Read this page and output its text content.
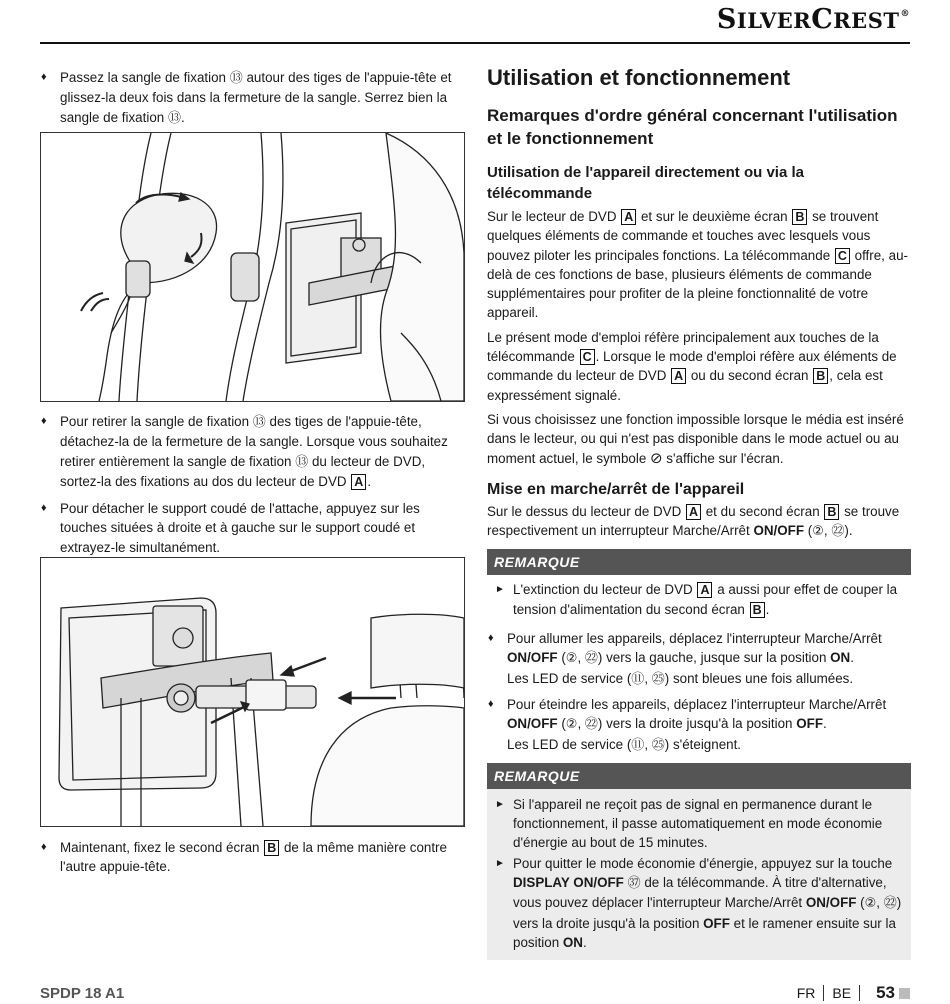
SILVERCREST®

♦ Passez la sangle de fixation ⑬ autour des tiges de l'appuie-tête et glissez-la deux fois dans la fermeture de la sangle. Serrez bien la sangle de fixation ⑬.

♦ Pour retirer la sangle de fixation ⑬ des tiges de l'appuie-tête, détachez-la de la fermeture de la sangle. Lorsque vous souhaitez retirer entièrement la sangle de fixation ⑬ du lecteur de DVD, sortez-la des fixations au dos du lecteur de DVD A .

♦ Pour détacher le support coudé de l'attache, appuyez sur les touches situées à droite et à gauche sur le support coudé et extrayez-le simultanément.

♦ Maintenant, fixez le second écran B de la même manière contre l'autre appuie-tête.

Utilisation et fonctionnement
Remarques d'ordre général concernant l'utilisation et le fonctionnement
Utilisation de l'appareil directement ou via la télécommande

Sur le lecteur de DVD A et sur le deuxième écran B se trouvent quelques éléments de commande et touches avec lesquels vous pouvez piloter les principales fonctions. La télécommande C offre, au-delà de ces fonctions de base, plusieurs éléments de commande supplémentaires pour profiter de la pleine fonctionnalité de votre appareil.

Le présent mode d'emploi réfère principalement aux touches de la télécommande C . Lorsque le mode d'emploi réfère aux éléments de commande du lecteur de DVD A ou du second écran B , cela est expressément signalé.

Si vous choisissez une fonction impossible lorsque le média est inséré dans le lecteur, ou qui n'est pas disponible dans le mode actuel ou au moment actuel, le symbole ⊘ s'affiche sur l'écran.

Mise en marche/arrêt de l'appareil

Sur le dessus du lecteur de DVD A et du second écran B se trouve respectivement un interrupteur Marche/Arrêt ON/OFF (②, ㉒).

REMARQUE

► L'extinction du lecteur de DVD A a aussi pour effet de couper la tension d'alimentation du second écran B .

♦ Pour allumer les appareils, déplacez l'interrupteur Marche/Arrêt ON/OFF (②, ㉒) vers la gauche, jusque sur la position ON.
Les LED de service (⑪, ㉕) sont bleues une fois allumées.

♦ Pour éteindre les appareils, déplacez l'interrupteur Marche/Arrêt ON/OFF (②, ㉒) vers la droite jusqu'à la position OFF.
Les LED de service (⑪, ㉕) s'éteignent.

REMARQUE

► Si l'appareil ne reçoit pas de signal en permanence durant le fonctionnement, il passe automatiquement en mode économie d'énergie au bout de 15 minutes.

► Pour quitter le mode économie d'énergie, appuyez sur la touche DISPLAY ON/OFF ㊲ de la télécommande. À titre d'alternative, vous pouvez déplacer l'interrupteur Marche/Arrêt ON/OFF (②, ㉒) vers la droite jusqu'à la position OFF et le ramener ensuite sur la position ON.

SPDP 18 A1	FR BE 53
